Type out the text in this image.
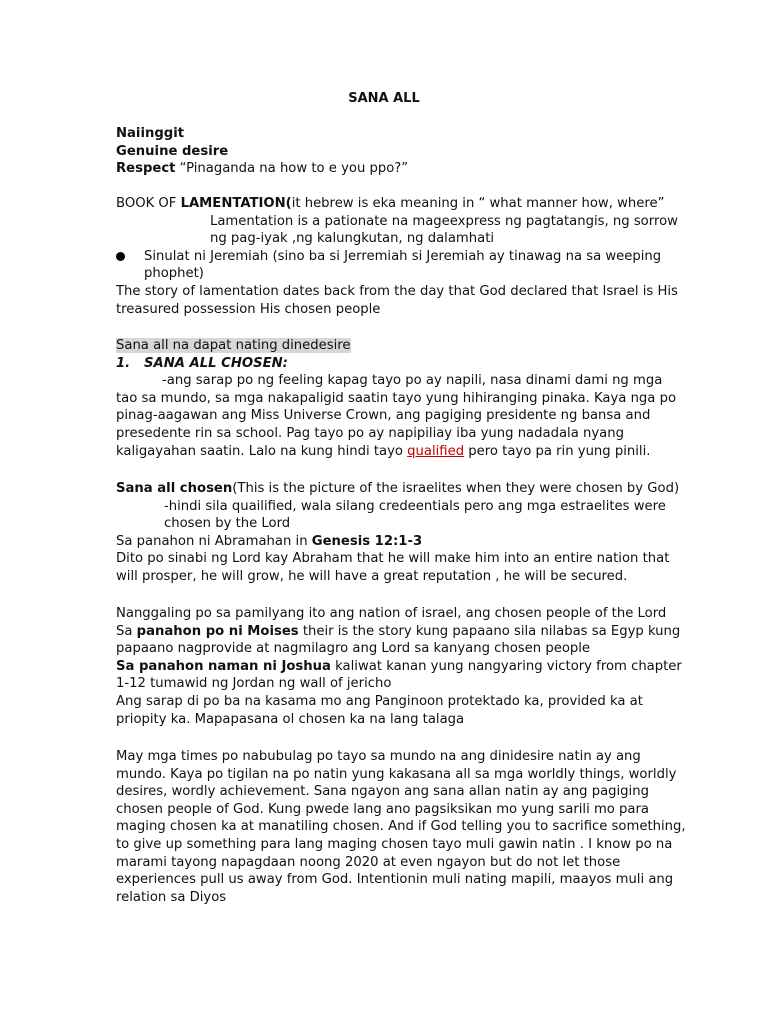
SANA ALL
Naiinggit
Genuine desire
Respect “Pinaganda na how to e you ppo?”
BOOK OF LAMENTATION(it hebrew is eka meaning in “ what manner how, where”
Lamentation is a pationate na mageexpress ng pagtatangis, ng sorrow
ng pag-iyak ,ng kalungkutan, ng dalamhati
Sinulat ni Jeremiah (sino ba si Jerremiah si Jeremiah ay tinawag na sa weeping
phophet)
The story of lamentation dates back from the day that God declared that Israel is His
treasured possession His chosen people
Sana all na dapat nating dinedesire
1. SANA ALL CHOSEN:
-ang sarap po ng feeling kapag tayo po ay napili, nasa dinami dami ng mga
tao sa mundo, sa mga nakapaligid saatin tayo yung hihiranging pinaka. Kaya nga po
pinag-aagawan ang Miss Universe Crown, ang pagiging presidente ng bansa and
presedente rin sa school. Pag tayo po ay napipiliay iba yung nadadala nyang
kaligayahan saatin. Lalo na kung hindi tayo qualified pero tayo pa rin yung pinili.
Sana all chosen(This is the picture of the israelites when they were chosen by God)
-hindi sila quailified, wala silang credeentials pero ang mga estraelites were
chosen by the Lord
Sa panahon ni Abramahan in Genesis 12:1-3
Dito po sinabi ng Lord kay Abraham that he will make him into an entire nation that
will prosper, he will grow, he will have a great reputation , he will be secured.
Nanggaling po sa pamilyang ito ang nation of israel, ang chosen people of the Lord
Sa panahon po ni Moises their is the story kung papaano sila nilabas sa Egyp kung
papaano nagprovide at nagmilagro ang Lord sa kanyang chosen people
Sa panahon naman ni Joshua kaliwat kanan yung nangyaring victory from chapter
1-12 tumawid ng Jordan ng wall of jericho
Ang sarap di po ba na kasama mo ang Panginoon protektado ka, provided ka at
priopity ka. Mapapasana ol chosen ka na lang talaga
May mga times po nabubulag po tayo sa mundo na ang dinidesire natin ay ang
mundo. Kaya po tigilan na po natin yung kakasana all sa mga worldly things, worldly
desires, wordly achievement. Sana ngayon ang sana allan natin ay ang pagiging
chosen people of God. Kung pwede lang ano pagsiksikan mo yung sarili mo para
maging chosen ka at manatiling chosen. And if God telling you to sacrifice something,
to give up something para lang maging chosen tayo muli gawin natin . I know po na
marami tayong napagdaan noong 2020 at even ngayon but do not let those
experiences pull us away from God. Intentionin muli nating mapili, maayos muli ang
relation sa Diyos
